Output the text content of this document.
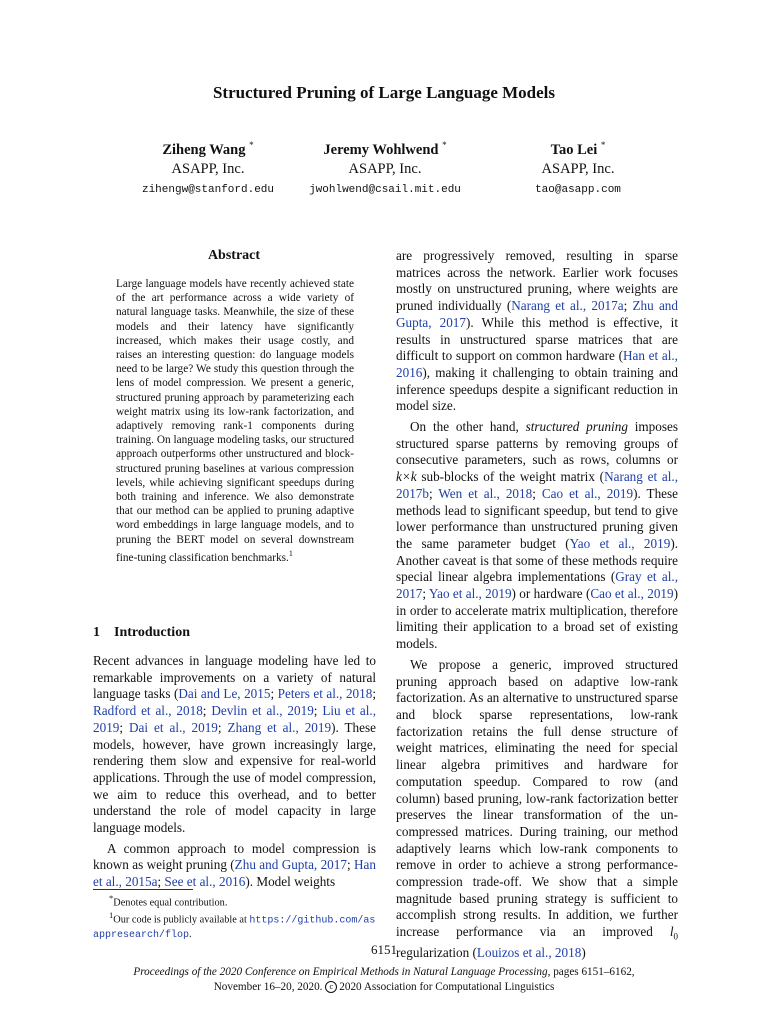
Structured Pruning of Large Language Models
Ziheng Wang *
ASAPP, Inc.
zihengw@stanford.edu
Jeremy Wohlwend *
ASAPP, Inc.
jwohlwend@csail.mit.edu
Tao Lei *
ASAPP, Inc.
tao@asapp.com
Abstract
Large language models have recently achieved state of the art performance across a wide variety of natural language tasks. Meanwhile, the size of these models and their latency have significantly increased, which makes their usage costly, and raises an interesting question: do language models need to be large? We study this question through the lens of model compression. We present a generic, structured pruning approach by parameterizing each weight matrix using its low-rank factorization, and adaptively removing rank-1 components during training. On language modeling tasks, our structured approach outperforms other unstructured and block-structured pruning baselines at various compression levels, while achieving significant speedups during both training and inference. We also demonstrate that our method can be applied to pruning adaptive word embeddings in large language models, and to pruning the BERT model on several downstream fine-tuning classification benchmarks.$^1$
1 Introduction

Recent advances in language modeling have led to remarkable improvements on a variety of natural language tasks (Dai and Le, 2015; Peters et al., 2018; Radford et al., 2018; Devlin et al., 2019; Liu et al., 2019; Dai et al., 2019; Zhang et al., 2019). These models, however, have grown increasingly large, rendering them slow and expensive for real-world applications. Through the use of model compression, we aim to reduce this overhead, and to better understand the role of model capacity in large language models.

A common approach to model compression is known as weight pruning (Zhu and Gupta, 2017; Han et al., 2015a; See et al., 2016). Model weights

*Denotes equal contribution.

$^1$Our code is publicly available at https://github.com/asappresearch/flop.

are progressively removed, resulting in sparse matrices across the network. Earlier work focuses mostly on unstructured pruning, where weights are pruned individually (Narang et al., 2017a; Zhu and Gupta, 2017). While this method is effective, it results in unstructured sparse matrices that are difficult to support on common hardware (Han et al., 2016), making it challenging to obtain training and inference speedups despite a significant reduction in model size.

On the other hand, structured pruning imposes structured sparse patterns by removing groups of consecutive parameters, such as rows, columns or k×k sub-blocks of the weight matrix (Narang et al., 2017b; Wen et al., 2018; Cao et al., 2019). These methods lead to significant speedup, but tend to give lower performance than unstructured pruning given the same parameter budget (Yao et al., 2019). Another caveat is that some of these methods require special linear algebra implementations (Gray et al., 2017; Yao et al., 2019) or hardware (Cao et al., 2019) in order to accelerate matrix multiplication, therefore limiting their application to a broad set of existing models.

We propose a generic, improved structured pruning approach based on adaptive low-rank factorization. As an alternative to unstructured sparse and block sparse representations, low-rank factorization retains the full dense structure of weight matrices, eliminating the need for special linear algebra primitives and hardware for computation speedup. Compared to row (and column) based pruning, low-rank factorization better preserves the linear transformation of the un-compressed matrices. During training, our method adaptively learns which low-rank components to remove in order to achieve a strong performance-compression trade-off. We show that a simple magnitude based pruning strategy is sufficient to accomplish strong results. In addition, we further increase performance via an improved $l_0$ regularization (Louizos et al., 2018)

6151
Proceedings of the 2020 Conference on Empirical Methods in Natural Language Processing, pages 6151–6162,
November 16–20, 2020. c 2020 Association for Computational Linguistics
